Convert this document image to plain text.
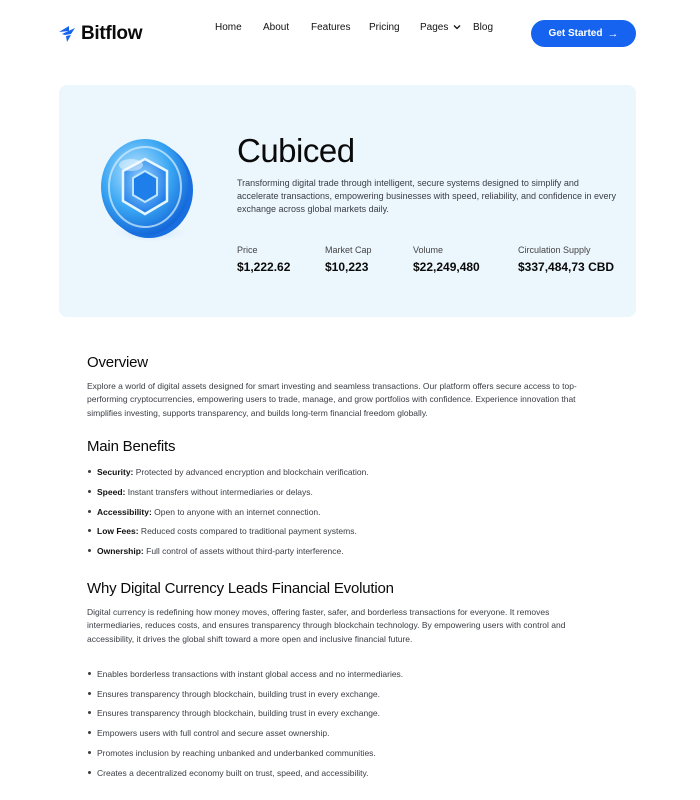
Bitflow	Home About Features Pricing Pages Blog
Get Started →
Cubiced

Transforming digital trade through intelligent, secure systems designed to simplify and accelerate transactions, empowering businesses with speed, reliability, and confidence in every exchange across global markets daily.

Price
$1,222.62
Market Cap
$10,223
Volume
$22,249,480
Circulation Supply
$337,484,73 CBD
Overview

Explore a world of digital assets designed for smart investing and seamless transactions. Our platform offers secure access to top-performing cryptocurrencies, empowering users to trade, manage, and grow portfolios with confidence. Experience innovation that simplifies investing, supports transparency, and builds long-term financial freedom globally.

Main Benefits
Security: Protected by advanced encryption and blockchain verification.
Speed: Instant transfers without intermediaries or delays.
Accessibility: Open to anyone with an internet connection.
Low Fees: Reduced costs compared to traditional payment systems.
Ownership: Full control of assets without third-party interference.
Why Digital Currency Leads Financial Evolution

Digital currency is redefining how money moves, offering faster, safer, and borderless transactions for everyone. It removes intermediaries, reduces costs, and ensures transparency through blockchain technology. By empowering users with control and accessibility, it drives the global shift toward a more open and inclusive financial future.

Enables borderless transactions with instant global access and no intermediaries.
Ensures transparency through blockchain, building trust in every exchange.
Ensures transparency through blockchain, building trust in every exchange.
Empowers users with full control and secure asset ownership.
Promotes inclusion by reaching unbanked and underbanked communities.
Creates a decentralized economy built on trust, speed, and accessibility.
